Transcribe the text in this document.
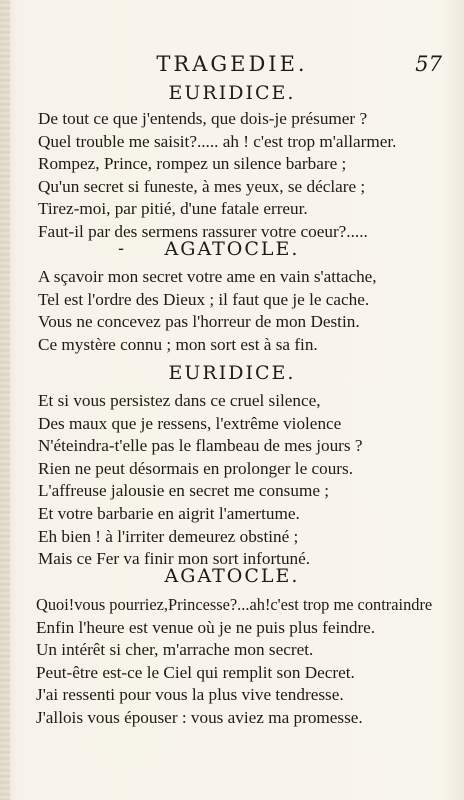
TRAGEDIE.	57
EURIDICE.
De tout ce que j'entends, que dois-je présumer ?
Quel trouble me saisit?..... ah ! c'est trop m'allarmer.
Rompez, Prince, rompez un silence barbare ;
Qu'un secret si funeste, à mes yeux, se déclare ;
Tirez-moi, par pitié, d'une fatale erreur.
Faut-il par des sermens rassurer votre coeur?.....
-	AGATOCLE.
A sçavoir mon secret votre ame en vain s'attache,
Tel est l'ordre des Dieux ; il faut que je le cache.
Vous ne concevez pas l'horreur de mon Destin.
Ce mystère connu ; mon sort est à sa fin.
EURIDICE.
Et si vous persistez dans ce cruel silence,
Des maux que je ressens, l'extrême violence
N'éteindra-t'elle pas le flambeau de mes jours ?
Rien ne peut désormais en prolonger le cours.
L'affreuse jalousie en secret me consume ;
Et votre barbarie en aigrit l'amertume.
Eh bien ! à l'irriter demeurez obstiné ;
Mais ce Fer va finir mon sort infortuné.
AGATOCLE.
Quoi!vous pourriez,Princesse?...ah!c'est trop me contraindre
Enfin l'heure est venue où je ne puis plus feindre.
Un intérêt si cher, m'arrache mon secret.
Peut-être est-ce le Ciel qui remplit son Decret.
J'ai ressenti pour vous la plus vive tendresse.
J'allois vous épouser : vous aviez ma promesse.
